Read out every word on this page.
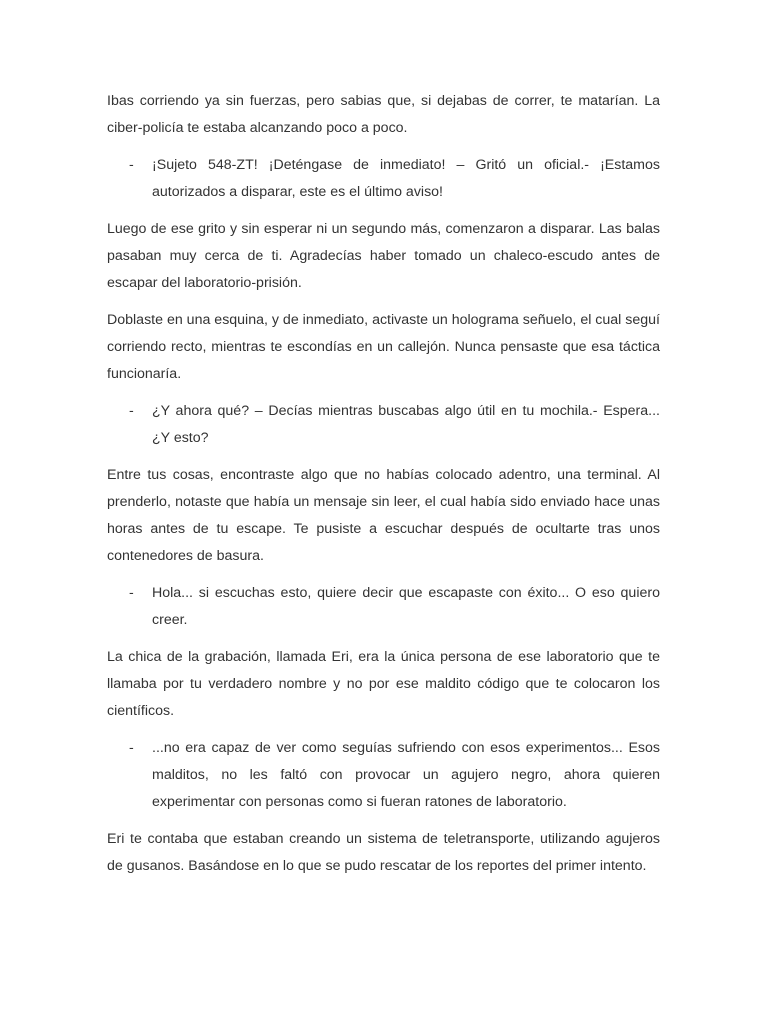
Ibas corriendo ya sin fuerzas, pero sabias que, si dejabas de correr, te matarían. La ciber-policía te estaba alcanzando poco a poco.

- ¡Sujeto 548-ZT! ¡Deténgase de inmediato! – Gritó un oficial.- ¡Estamos autorizados a disparar, este es el último aviso!

Luego de ese grito y sin esperar ni un segundo más, comenzaron a disparar. Las balas pasaban muy cerca de ti. Agradecías haber tomado un chaleco-escudo antes de escapar del laboratorio-prisión.

Doblaste en una esquina, y de inmediato, activaste un holograma señuelo, el cual seguí corriendo recto, mientras te escondías en un callejón. Nunca pensaste que esa táctica funcionaría.

- ¿Y ahora qué? – Decías mientras buscabas algo útil en tu mochila.- Espera... ¿Y esto?

Entre tus cosas, encontraste algo que no habías colocado adentro, una terminal. Al prenderlo, notaste que había un mensaje sin leer, el cual había sido enviado hace unas horas antes de tu escape. Te pusiste a escuchar después de ocultarte tras unos contenedores de basura.

- Hola... si escuchas esto, quiere decir que escapaste con éxito... O eso quiero creer.

La chica de la grabación, llamada Eri, era la única persona de ese laboratorio que te llamaba por tu verdadero nombre y no por ese maldito código que te colocaron los científicos.

- ...no era capaz de ver como seguías sufriendo con esos experimentos... Esos malditos, no les faltó con provocar un agujero negro, ahora quieren experimentar con personas como si fueran ratones de laboratorio.

Eri te contaba que estaban creando un sistema de teletransporte, utilizando agujeros de gusanos. Basándose en lo que se pudo rescatar de los reportes del primer intento.
